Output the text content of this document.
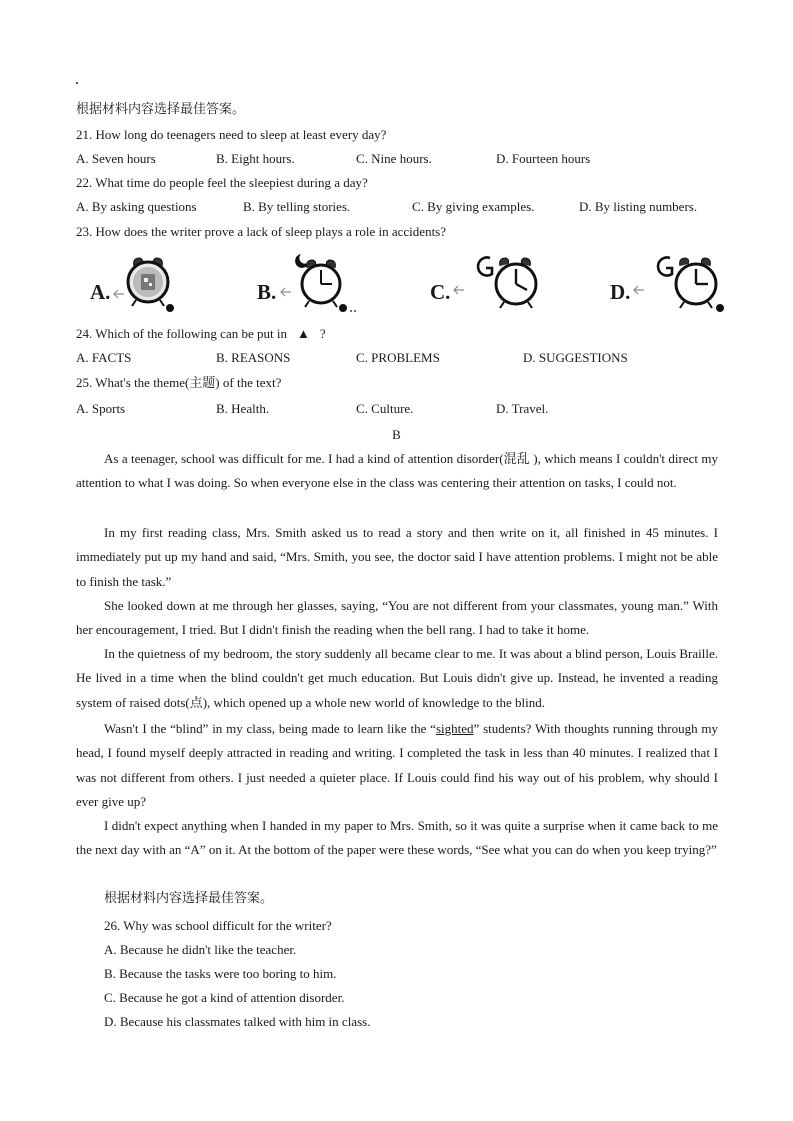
根据材料内容选择最佳答案。
21. How long do teenagers need to sleep at least every day?
A. Seven hours	B. Eight hours.	C. Nine hours.	D. Fourteen hours
22. What time do people feel the sleepiest during a day?
A. By asking questions	B. By telling stories.	C. By giving examples.	D. By listing numbers.
23. How does the writer prove a lack of sleep plays a role in accidents?
A.	B.	C.	D.
24. Which of the following can be put in ▲ ?
A. FACTS	B. REASONS	C. PROBLEMS	D. SUGGESTIONS
25. What's the theme(主题) of the text?
A. Sports	B. Health.	C. Culture.	D. Travel.
B

As a teenager, school was difficult for me. I had a kind of attention disorder(混乱 ), which means I couldn't direct my attention to what I was doing. So when everyone else in the class was centering their attention on tasks, I could not.

In my first reading class, Mrs. Smith asked us to read a story and then write on it, all finished in 45 minutes. I immediately put up my hand and said, “Mrs. Smith, you see, the doctor said I have attention problems. I might not be able to finish the task.”

She looked down at me through her glasses, saying, “You are not different from your classmates, young man.” With her encouragement, I tried. But I didn't finish the reading when the bell rang. I had to take it home.

In the quietness of my bedroom, the story suddenly all became clear to me. It was about a blind person, Louis Braille. He lived in a time when the blind couldn't get much education. But Louis didn't give up. Instead, he invented a reading system of raised dots(点), which opened up a whole new world of knowledge to the blind.

Wasn't I the “blind” in my class, being made to learn like the “sighted” students? With thoughts running through my head, I found myself deeply attracted in reading and writing. I completed the task in less than 40 minutes. I realized that I was not different from others. I just needed a quieter place. If Louis could find his way out of his problem, why should I ever give up?

I didn't expect anything when I handed in my paper to Mrs. Smith, so it was quite a surprise when it came back to me the next day with an “A” on it. At the bottom of the paper were these words, “See what you can do when you keep trying?”

根据材料内容选择最佳答案。
26. Why was school difficult for the writer?
A. Because he didn't like the teacher.
B. Because the tasks were too boring to him.
C. Because he got a kind of attention disorder.
D. Because his classmates talked with him in class.
